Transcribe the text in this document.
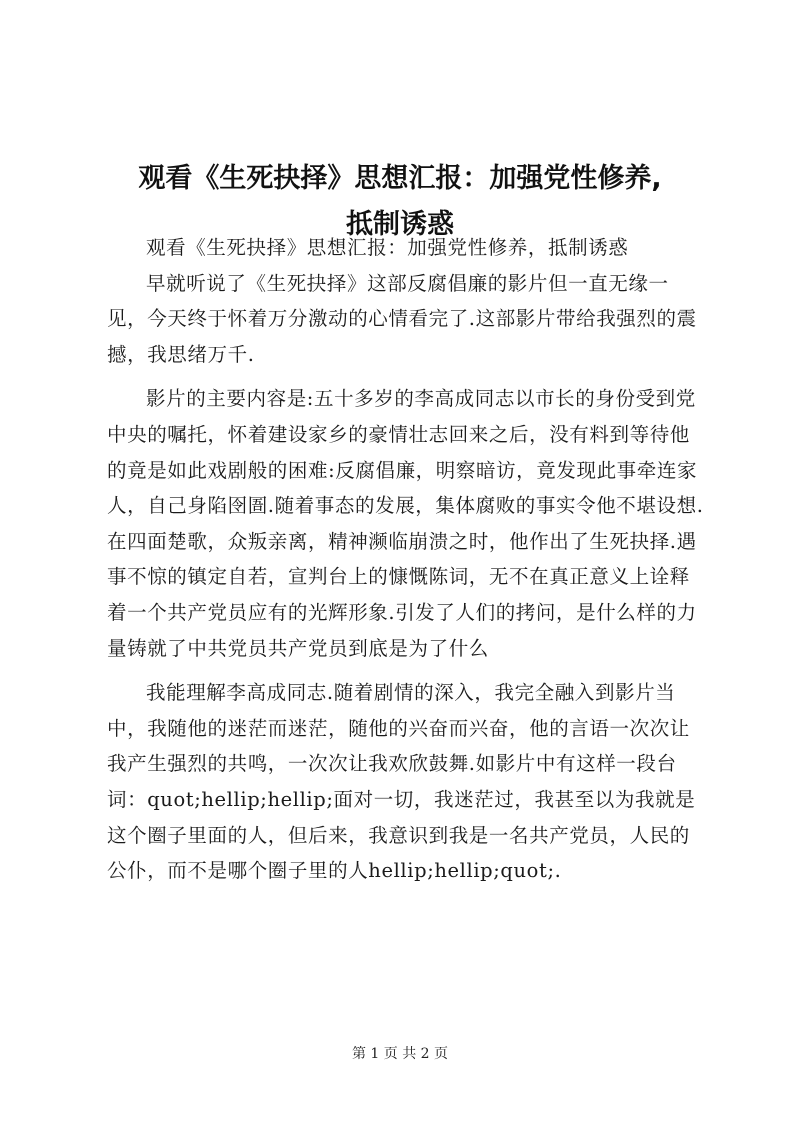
观看《生死抉择》思想汇报：加强党性修养,
抵制诱惑

观看《生死抉择》思想汇报：加强党性修养，抵制诱惑

早就听说了《生死抉择》这部反腐倡廉的影片但一直无缘一见，今天终于怀着万分激动的心情看完了.这部影片带给我强烈的震撼，我思绪万千.

影片的主要内容是:五十多岁的李高成同志以市长的身份受到党中央的嘱托，怀着建设家乡的豪情壮志回来之后，没有料到等待他的竟是如此戏剧般的困难:反腐倡廉，明察暗访，竟发现此事牵连家人，自己身陷囹圄.随着事态的发展，集体腐败的事实令他不堪设想.在四面楚歌，众叛亲离，精神濒临崩溃之时，他作出了生死抉择.遇事不惊的镇定自若，宣判台上的慷慨陈词，无不在真正意义上诠释着一个共产党员应有的光辉形象.引发了人们的拷问，是什么样的力量铸就了中共党员共产党员到底是为了什么

我能理解李高成同志.随着剧情的深入，我完全融入到影片当中，我随他的迷茫而迷茫，随他的兴奋而兴奋，他的言语一次次让我产生强烈的共鸣，一次次让我欢欣鼓舞.如影片中有这样一段台词：quot;hellip;hellip;面对一切，我迷茫过，我甚至以为我就是这个圈子里面的人，但后来，我意识到我是一名共产党员，人民的公仆，而不是哪个圈子里的人hellip;hellip;quot;.

第 1 页 共 2 页
